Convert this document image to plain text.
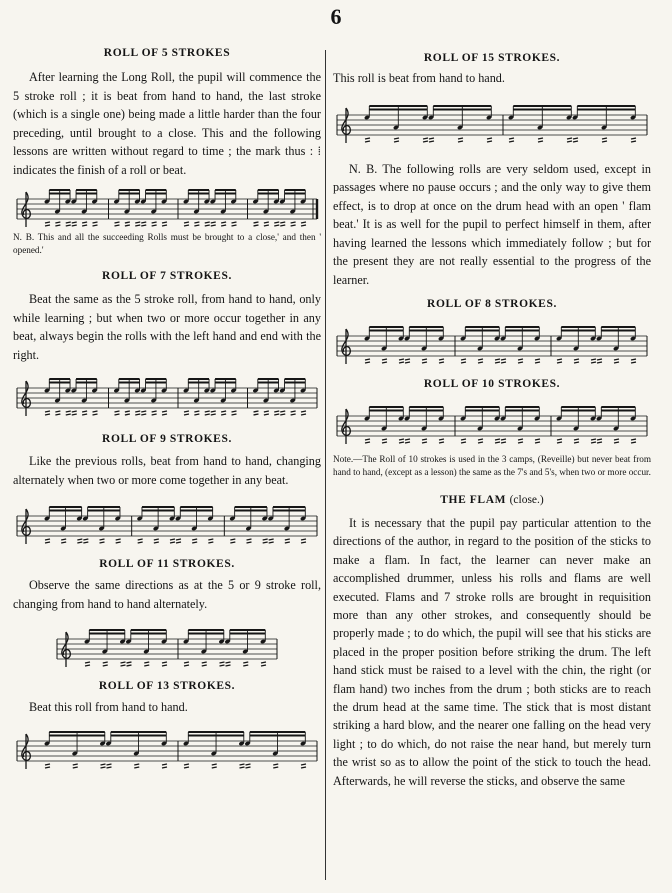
6
ROLL OF 5 STROKES

After learning the Long Roll, the pupil will commence the 5 stroke roll ; it is beat from hand to hand, the last stroke (which is a single one) being made a little harder than the four preceding, until brought to a close. This and the following lessons are written without regard to time ; the mark thus : ⁞ indicates the finish of a roll or beat.

N. B. This and all the succeeding Rolls must be brought to a close,' and then ' opened.'

ROLL OF 7 STROKES.

Beat the same as the 5 stroke roll, from hand to hand, only while learning ; but when two or more occur together in any beat, always begin the rolls with the left hand and end with the right.

ROLL OF 9 STROKES.

Like the previous rolls, beat from hand to hand, changing alternately when two or more come together in any beat.

ROLL OF 11 STROKES.

Observe the same directions as at the 5 or 9 stroke roll, changing from hand to hand alternately.

ROLL OF 13 STROKES.

Beat this roll from hand to hand.

ROLL OF 15 STROKES.

This roll is beat from hand to hand.

N. B. The following rolls are very seldom used, except in passages where no pause occurs ; and the only way to give them effect, is to drop at once on the drum head with an open ' flam beat.' It is as well for the pupil to perfect himself in them, after having learned the lessons which immediately follow ; but for the present they are not really essential to the progress of the learner.

ROLL OF 8 STROKES.
ROLL OF 10 STROKES.

Note.—The Roll of 10 strokes is used in the 3 camps, (Reveille) but never beat from hand to hand, (except as a lesson) the same as the 7's and 5's, when two or more occur.

THE FLAM (close.)

It is necessary that the pupil pay particular attention to the directions of the author, in regard to the position of the sticks to make a flam. In fact, the learner can never make an accomplished drummer, unless his rolls and flams are well executed. Flams and 7 stroke rolls are brought in requisition more than any other strokes, and consequently should be properly made ; to do which, the pupil will see that his sticks are placed in the proper position before striking the drum. The left hand stick must be raised to a level with the chin, the right (or flam hand) two inches from the drum ; both sticks are to reach the drum head at the same time. The stick that is most distant striking a hard blow, and the nearer one falling on the head very light ; to do which, do not raise the near hand, but merely turn the wrist so as to allow the point of the stick to touch the head. Afterwards, he will reverse the sticks, and observe the same
